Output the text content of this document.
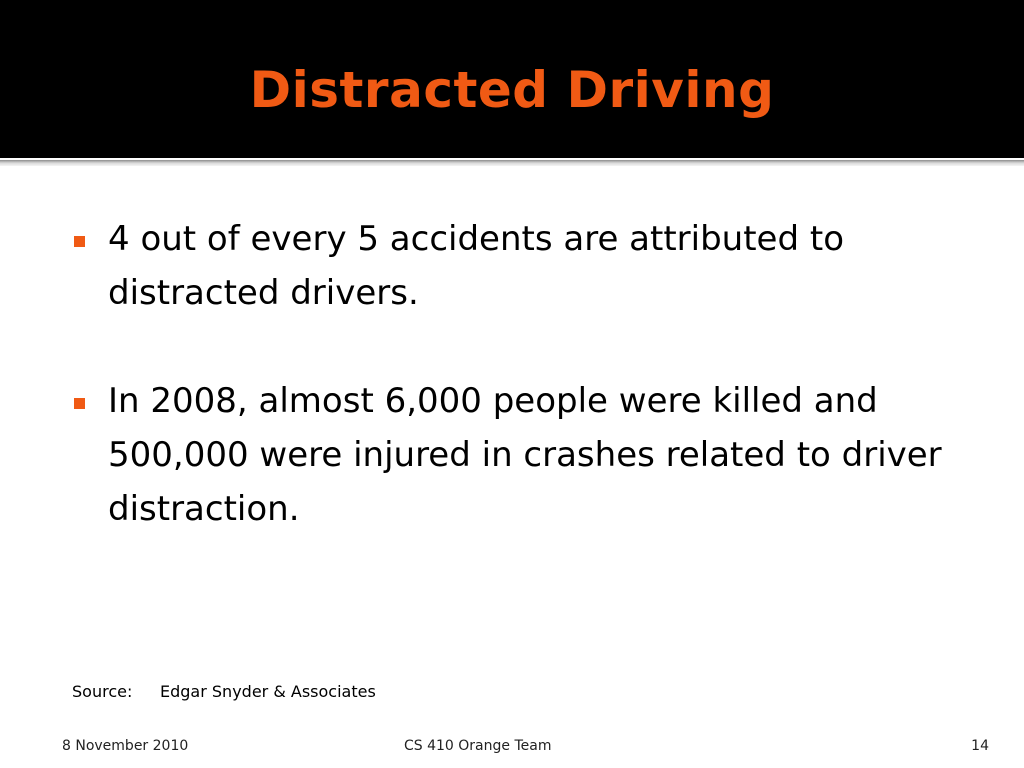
Distracted Driving
4 out of every 5 accidents are attributed to distracted drivers.
In 2008, almost 6,000 people were killed and 500,000 were injured in crashes related to driver distraction.
Source: Edgar Snyder & Associates
8 November 2010	CS 410 Orange Team	14
